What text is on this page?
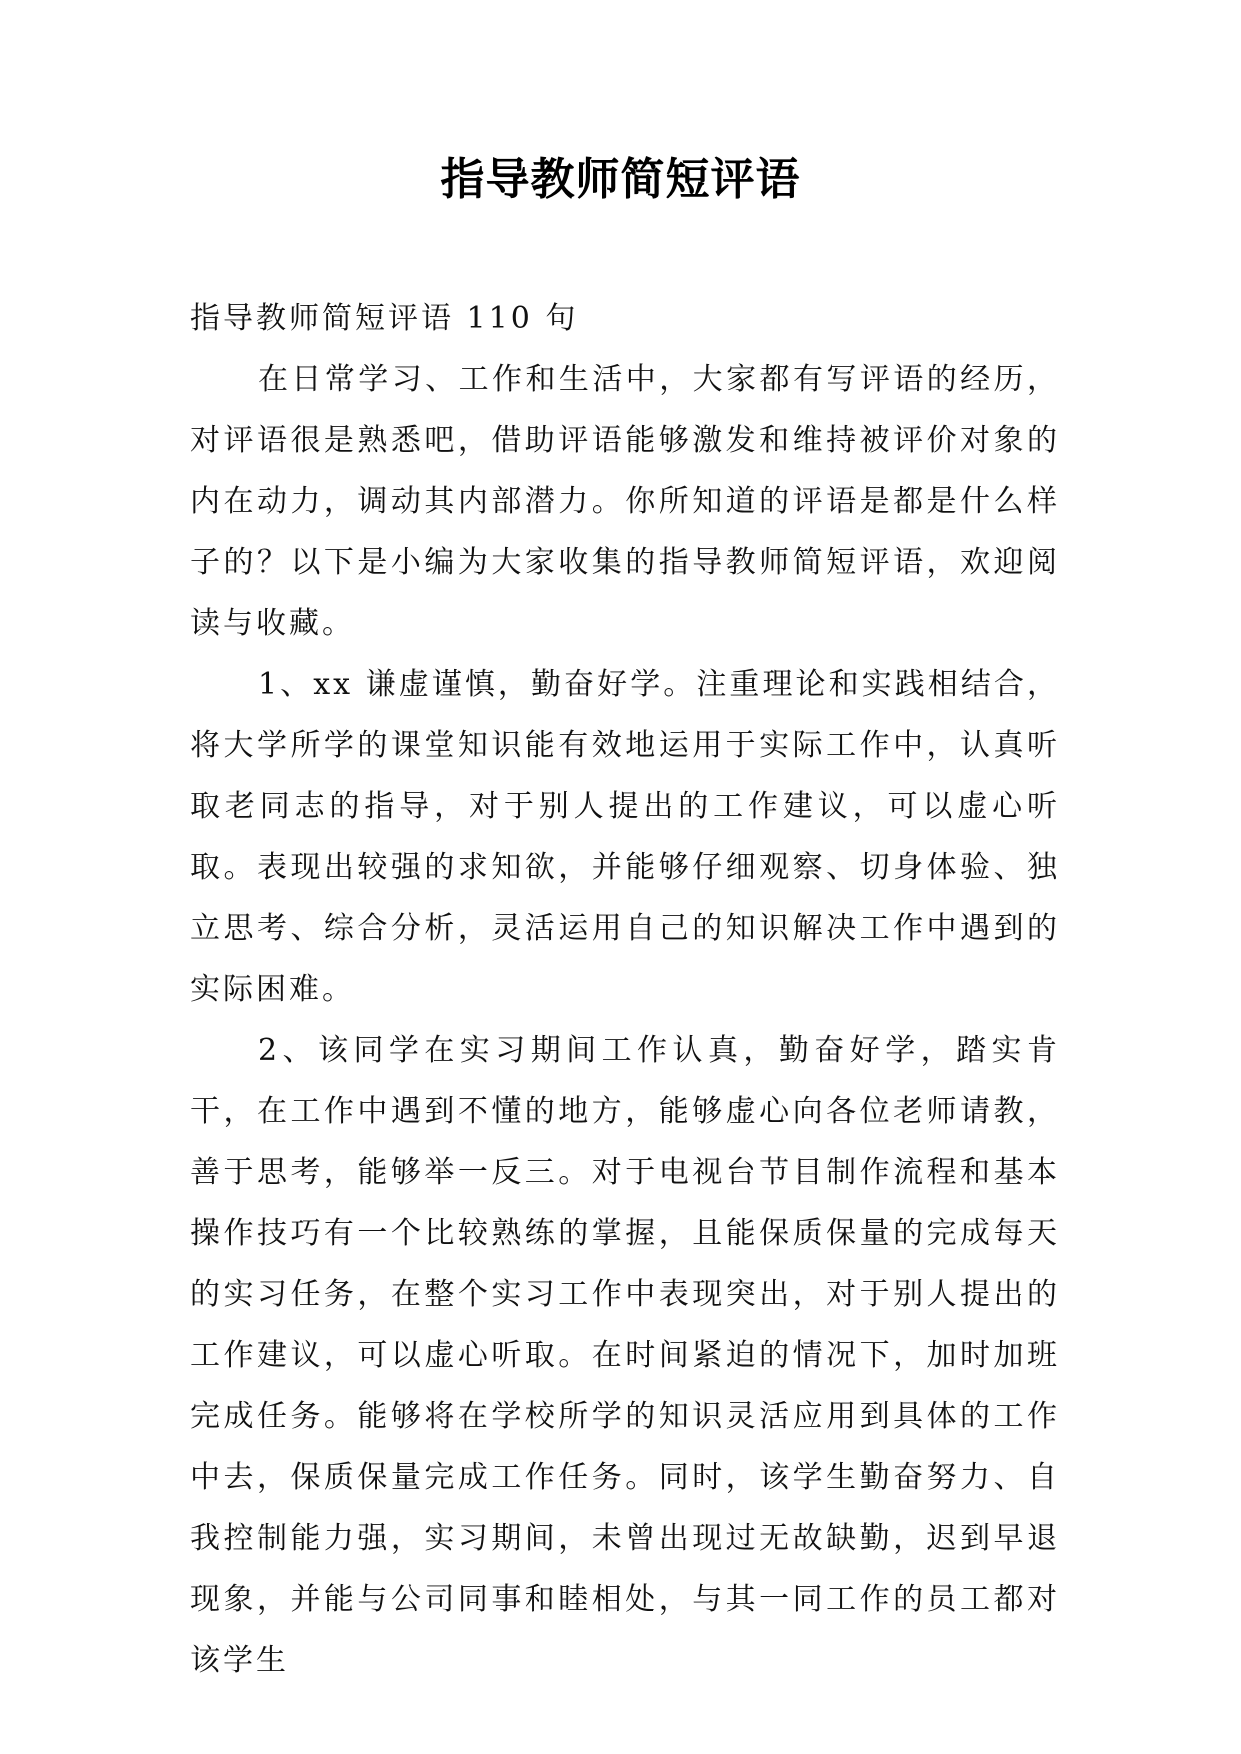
指导教师简短评语

指导教师简短评语 110 句

在日常学习、工作和生活中，大家都有写评语的经历，对评语很是熟悉吧，借助评语能够激发和维持被评价对象的内在动力，调动其内部潜力。你所知道的评语是都是什么样子的？以下是小编为大家收集的指导教师简短评语，欢迎阅读与收藏。

1、xx 谦虚谨慎，勤奋好学。注重理论和实践相结合，将大学所学的课堂知识能有效地运用于实际工作中，认真听取老同志的指导，对于别人提出的工作建议，可以虚心听取。表现出较强的求知欲，并能够仔细观察、切身体验、独立思考、综合分析，灵活运用自己的知识解决工作中遇到的实际困难。

2、该同学在实习期间工作认真，勤奋好学，踏实肯干，在工作中遇到不懂的地方，能够虚心向各位老师请教，善于思考，能够举一反三。对于电视台节目制作流程和基本操作技巧有一个比较熟练的掌握，且能保质保量的完成每天的实习任务，在整个实习工作中表现突出，对于别人提出的工作建议，可以虚心听取。在时间紧迫的情况下，加时加班完成任务。能够将在学校所学的知识灵活应用到具体的工作中去，保质保量完成工作任务。同时，该学生勤奋努力、自我控制能力强，实习期间，未曾出现过无故缺勤，迟到早退现象，并能与公司同事和睦相处，与其一同工作的员工都对该学生
